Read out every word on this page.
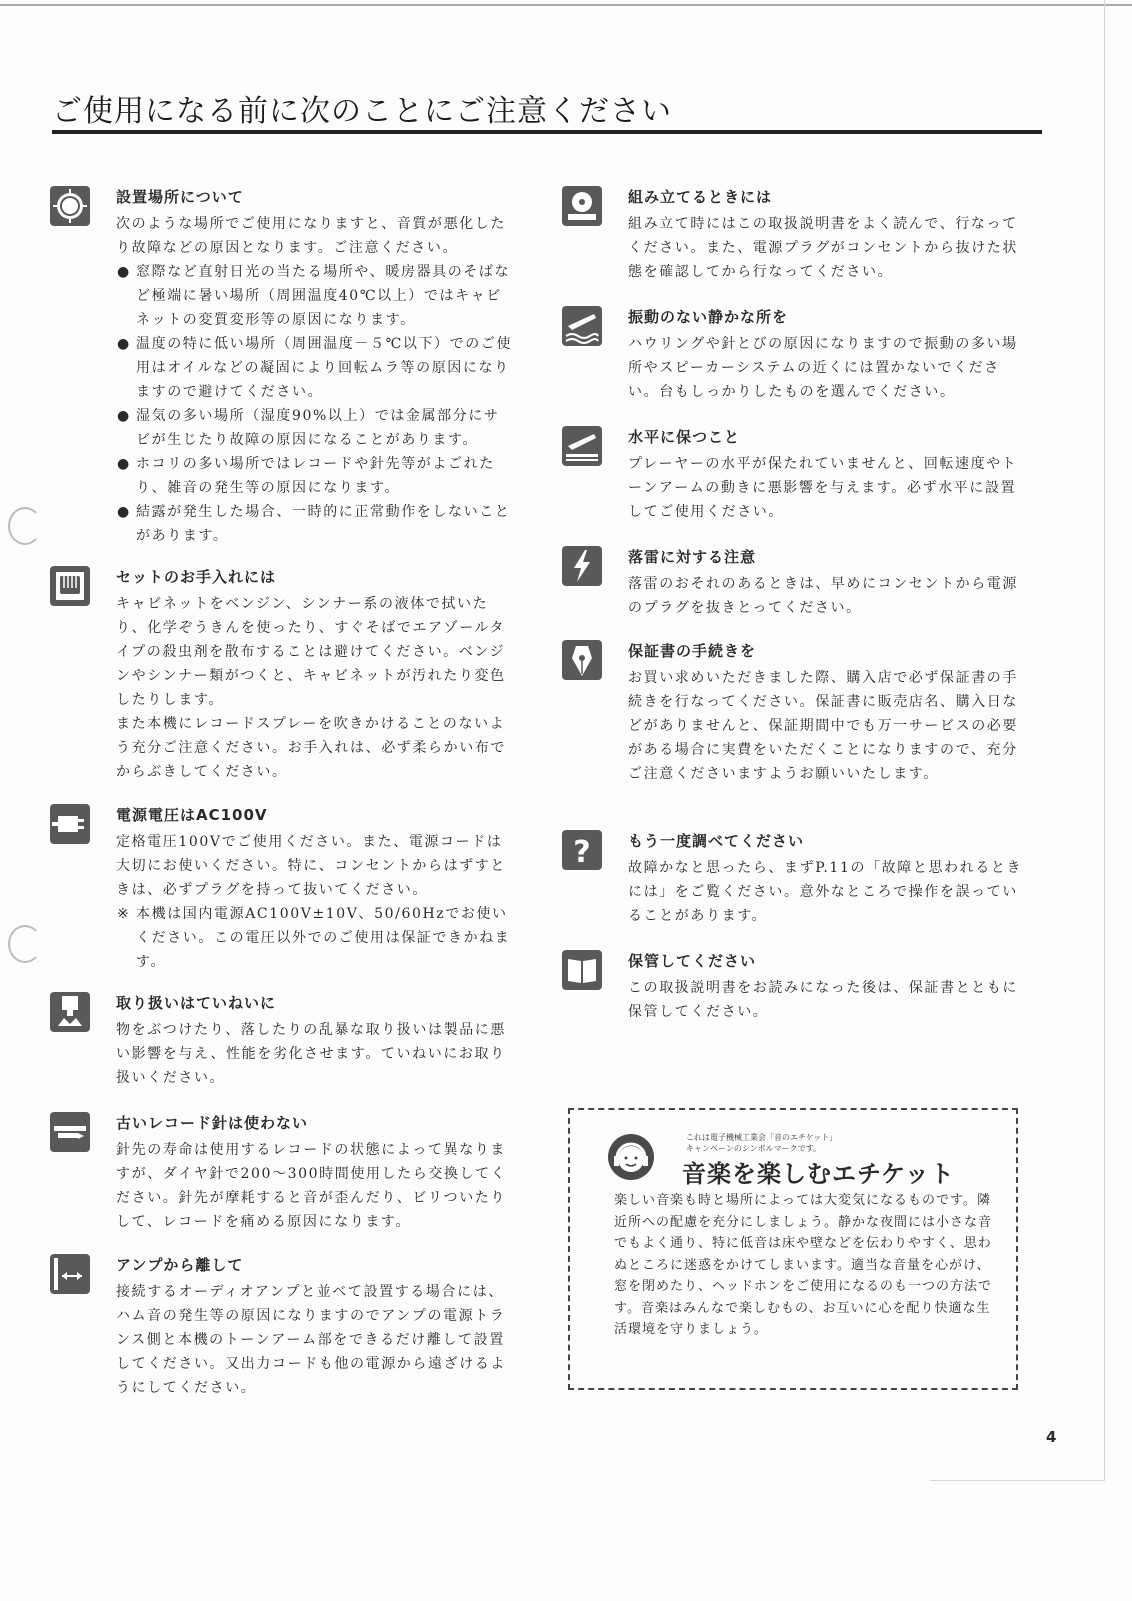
ご使用になる前に次のことにご注意ください
設置場所について

次のような場所でご使用になりますと、音質が悪化したり故障などの原因となります。ご注意ください。

● 窓際など直射日光の当たる場所や、暖房器具のそばなど極端に暑い場所（周囲温度40℃以上）ではキャビネットの変質変形等の原因になります。
● 温度の特に低い場所（周囲温度－５℃以下）でのご使用はオイルなどの凝固により回転ムラ等の原因になりますので避けてください。
● 湿気の多い場所（湿度90%以上）では金属部分にサビが生じたり故障の原因になることがあります。
● ホコリの多い場所ではレコードや針先等がよごれたり、雑音の発生等の原因になります。
● 結露が発生した場合、一時的に正常動作をしないことがあります。
セットのお手入れには

キャビネットをベンジン、シンナー系の液体で拭いたり、化学ぞうきんを使ったり、すぐそばでエアゾールタイプの殺虫剤を散布することは避けてください。ベンジンやシンナー類がつくと、キャビネットが汚れたり変色したりします。

また本機にレコードスプレーを吹きかけることのないよう充分ご注意ください。お手入れは、必ず柔らかい布でからぶきしてください。

電源電圧はAC100V

定格電圧100Vでご使用ください。また、電源コードは大切にお使いください。特に、コンセントからはずすときは、必ずプラグを持って抜いてください。

※ 本機は国内電源AC100V±10V、50/60Hzでお使いください。この電圧以外でのご使用は保証できかねます。
取り扱いはていねいに

物をぶつけたり、落したりの乱暴な取り扱いは製品に悪い影響を与え、性能を劣化させます。ていねいにお取り扱いください。

古いレコード針は使わない

針先の寿命は使用するレコードの状態によって異なりますが、ダイヤ針で200〜300時間使用したら交換してください。針先が摩耗すると音が歪んだり、ビリついたりして、レコードを痛める原因になります。

アンプから離して

接続するオーディオアンプと並べて設置する場合には、ハム音の発生等の原因になりますのでアンプの電源トランス側と本機のトーンアーム部をできるだけ離して設置してください。又出力コードも他の電源から遠ざけるようにしてください。

組み立てるときには

組み立て時にはこの取扱説明書をよく読んで、行なってください。また、電源プラグがコンセントから抜けた状態を確認してから行なってください。

振動のない静かな所を

ハウリングや針とびの原因になりますので振動の多い場所やスピーカーシステムの近くには置かないでください。台もしっかりしたものを選んでください。

水平に保つこと

プレーヤーの水平が保たれていませんと、回転速度やトーンアームの動きに悪影響を与えます。必ず水平に設置してご使用ください。

落雷に対する注意

落雷のおそれのあるときは、早めにコンセントから電源のプラグを抜きとってください。

保証書の手続きを

お買い求めいただきました際、購入店で必ず保証書の手続きを行なってください。保証書に販売店名、購入日などがありませんと、保証期間中でも万一サービスの必要がある場合に実費をいただくことになりますので、充分ご注意くださいますようお願いいたします。

? もう一度調べてください

故障かなと思ったら、まずP.11の「故障と思われるときには」をご覧ください。意外なところで操作を誤っていることがあります。

保管してください

この取扱説明書をお読みになった後は、保証書とともに保管してください。

これは電子機械工業会「音のエチケット」
キャンペーンのシンボルマークです。
音楽を楽しむエチケット

楽しい音楽も時と場所によっては大変気になるものです。隣近所への配慮を充分にしましょう。静かな夜間には小さな音でもよく通り、特に低音は床や壁などを伝わりやすく、思わぬところに迷惑をかけてしまいます。適当な音量を心がけ、窓を閉めたり、ヘッドホンをご使用になるのも一つの方法です。音楽はみんなで楽しむもの、お互いに心を配り快適な生活環境を守りましょう。

4
